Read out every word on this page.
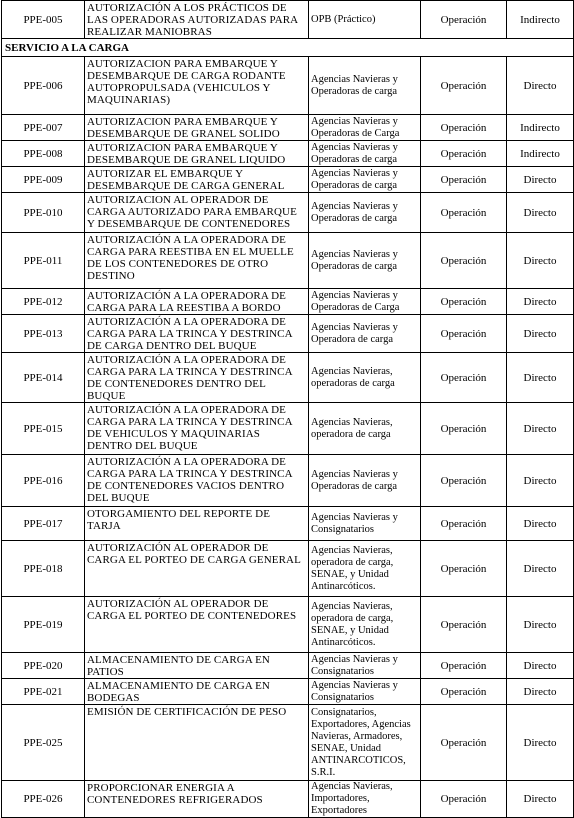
PPE-005	AUTORIZACIÓN A LOS PRÁCTICOS DE LAS OPERADORAS AUTORIZADAS PARA REALIZAR MANIOBRAS	OPB (Práctico)	Operación	Indirecto
SERVICIO A LA CARGA				
PPE-006	AUTORIZACION PARA EMBARQUE Y DESEMBARQUE DE CARGA RODANTE AUTOPROPULSADA (VEHICULOS Y MAQUINARIAS)	Agencias Navieras y Operadoras de carga	Operación	Directo
PPE-007	AUTORIZACION PARA EMBARQUE Y DESEMBARQUE DE GRANEL SOLIDO	Agencias Navieras y Operadoras de Carga	Operación	Indirecto
PPE-008	AUTORIZACION PARA EMBARQUE Y DESEMBARQUE DE GRANEL LIQUIDO	Agencias Navieras y Operadoras de carga	Operación	Indirecto
PPE-009	AUTORIZAR EL EMBARQUE Y DESEMBARQUE DE CARGA GENERAL	Agencias Navieras y Operadoras de carga	Operación	Directo
PPE-010	AUTORIZACION AL OPERADOR DE CARGA AUTORIZADO PARA EMBARQUE Y DESEMBARQUE DE CONTENEDORES	Agencias Navieras y Operadoras de carga	Operación	Directo
PPE-011	AUTORIZACIÓN A LA OPERADORA DE CARGA PARA REESTIBA EN EL MUELLE DE LOS CONTENEDORES DE OTRO DESTINO	Agencias Navieras y Operadoras de carga	Operación	Directo
PPE-012	AUTORIZACIÓN A LA OPERADORA DE CARGA PARA LA REESTIBA A BORDO	Agencias Navieras y Operadoras de Carga	Operación	Directo
PPE-013	AUTORIZACIÓN A LA OPERADORA DE CARGA PARA LA TRINCA Y DESTRINCA DE CARGA DENTRO DEL BUQUE	Agencias Navieras y Operadora de carga	Operación	Directo
PPE-014	AUTORIZACIÓN A LA OPERADORA DE CARGA PARA LA TRINCA Y DESTRINCA DE CONTENEDORES DENTRO DEL BUQUE	Agencias Navieras, operadoras de carga	Operación	Directo
PPE-015	AUTORIZACIÓN A LA OPERADORA DE CARGA PARA LA TRINCA Y DESTRINCA DE VEHICULOS Y MAQUINARIAS DENTRO DEL BUQUE	Agencias Navieras, operadora de carga	Operación	Directo
PPE-016	AUTORIZACIÓN A LA OPERADORA DE CARGA PARA LA TRINCA Y DESTRINCA DE CONTENEDORES VACIOS DENTRO DEL BUQUE	Agencias Navieras y Operadoras de carga	Operación	Directo
PPE-017	OTORGAMIENTO DEL REPORTE DE TARJA	Agencias Navieras y Consignatarios	Operación	Directo
PPE-018	AUTORIZACIÓN AL OPERADOR DE CARGA EL PORTEO DE CARGA GENERAL	Agencias Navieras, operadora de carga, SENAE, y Unidad Antinarcóticos.	Operación	Directo
PPE-019	AUTORIZACIÓN AL OPERADOR DE CARGA EL PORTEO DE CONTENEDORES	Agencias Navieras, operadora de carga, SENAE, y Unidad Antinarcóticos.	Operación	Directo
PPE-020	ALMACENAMIENTO DE CARGA EN PATIOS	Agencias Navieras y Consignatarios	Operación	Directo
PPE-021	ALMACENAMIENTO DE CARGA EN BODEGAS	Agencias Navieras y Consignatarios	Operación	Directo
PPE-025	EMISIÓN DE CERTIFICACIÓN DE PESO	Consignatarios, Exportadores, Agencias Navieras, Armadores, SENAE, Unidad ANTINARCOTICOS, S.R.I.	Operación	Directo
PPE-026	PROPORCIONAR ENERGIA A CONTENEDORES REFRIGERADOS	Agencias Navieras, Importadores, Exportadores	Operación	Directo
